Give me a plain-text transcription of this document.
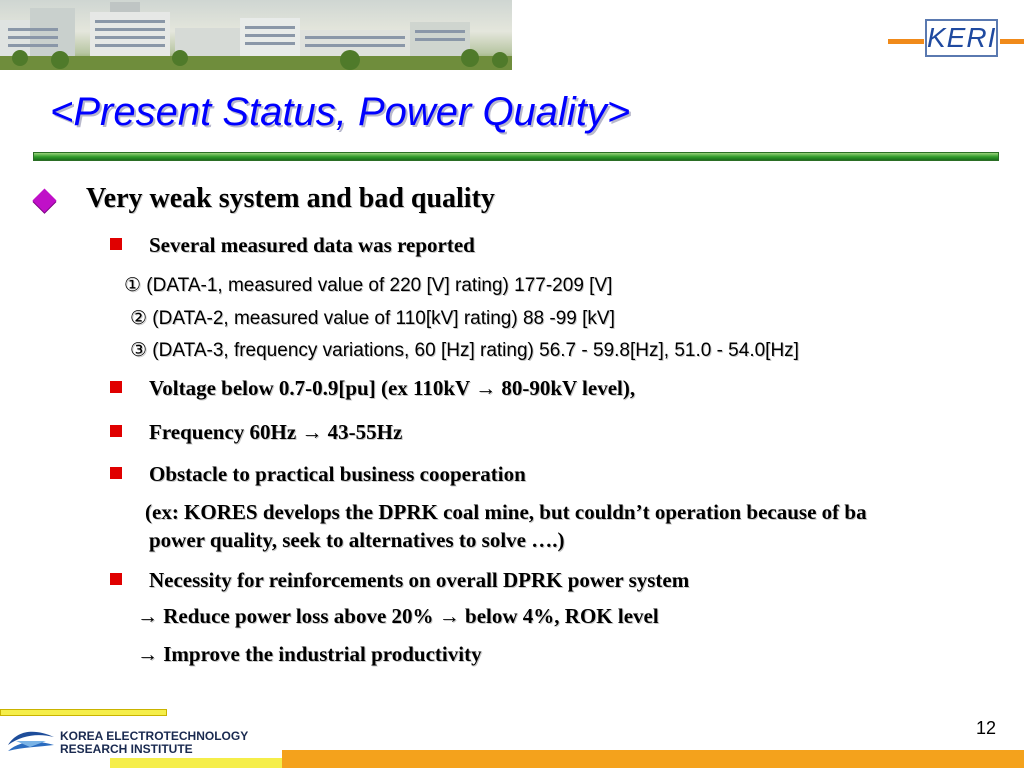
KERI
<Present Status, Power Quality>
Very weak system and bad quality
Several measured data was reported
① (DATA-1, measured value of 220 [V] rating) 177-209 [V]
② (DATA-2, measured value of 110[kV] rating) 88 -99 [kV]
③ (DATA-3, frequency variations, 60 [Hz] rating) 56.7 - 59.8[Hz], 51.0 - 54.0[Hz]
Voltage below 0.7-0.9[pu] (ex 110kV → 80-90kV level),
Frequency 60Hz → 43-55Hz
Obstacle to practical business cooperation
(ex: KORES develops the DPRK coal mine, but couldn’t operation because of ba
power quality, seek to alternatives to solve ….)
Necessity for reinforcements on overall DPRK power system
→ Reduce power loss above 20% → below 4%, ROK level
→ Improve the industrial productivity
KOREA ELECTROTECHNOLOGY
RESEARCH INSTITUTE
12
